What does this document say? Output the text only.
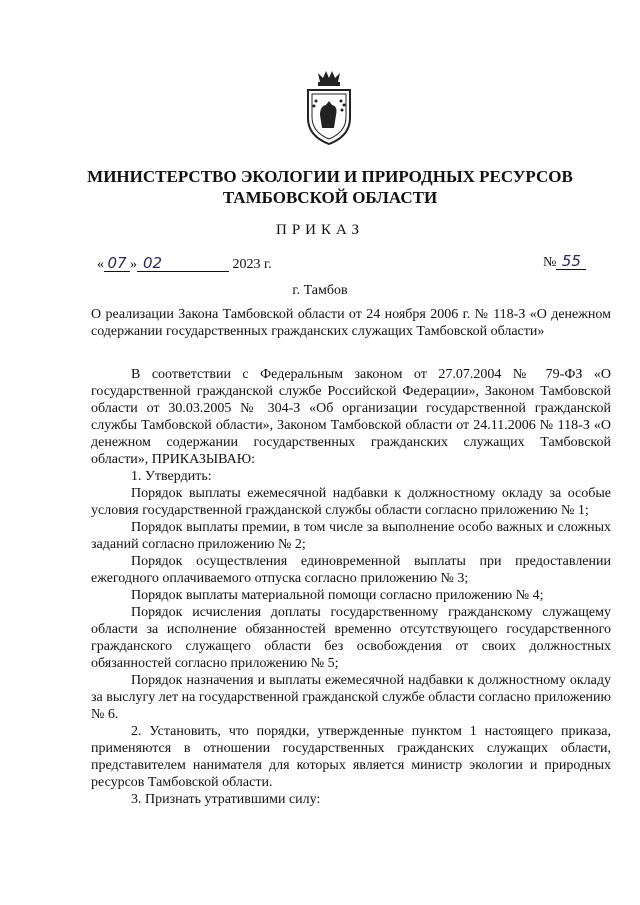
МИНИСТЕРСТВО ЭКОЛОГИИ И ПРИРОДНЫХ РЕСУРСОВ
ТАМБОВСКОЙ ОБЛАСТИ
ПРИКАЗ
« 07 » 02	2023 г.	№ 55
г. Тамбов
О реализации Закона Тамбовской области от 24 ноября 2006 г. № 118-З «О денежном содержании государственных гражданских служащих Тамбовской области»

В соответствии с Федеральным законом от 27.07.2004 № 79-ФЗ «О государственной гражданской службе Российской Федерации», Законом Тамбовской области от 30.03.2005 № 304-З «Об организации государственной гражданской службы Тамбовской области», Законом Тамбовской области от 24.11.2006 № 118-З «О денежном содержании государственных гражданских служащих Тамбовской области», ПРИКАЗЫВАЮ:

1. Утвердить:

Порядок выплаты ежемесячной надбавки к должностному окладу за особые условия государственной гражданской службы области согласно приложению № 1;

Порядок выплаты премии, в том числе за выполнение особо важных и сложных заданий согласно приложению № 2;

Порядок осуществления единовременной выплаты при предоставлении ежегодного оплачиваемого отпуска согласно приложению № 3;

Порядок выплаты материальной помощи согласно приложению № 4;

Порядок исчисления доплаты государственному гражданскому служащему области за исполнение обязанностей временно отсутствующего государственного гражданского служащего области без освобождения от своих должностных обязанностей согласно приложению № 5;

Порядок назначения и выплаты ежемесячной надбавки к должностному окладу за выслугу лет на государственной гражданской службе области согласно приложению № 6.

2. Установить, что порядки, утвержденные пунктом 1 настоящего приказа, применяются в отношении государственных гражданских служащих области, представителем нанимателя для которых является министр экологии и природных ресурсов Тамбовской области.

3. Признать утратившими силу:
